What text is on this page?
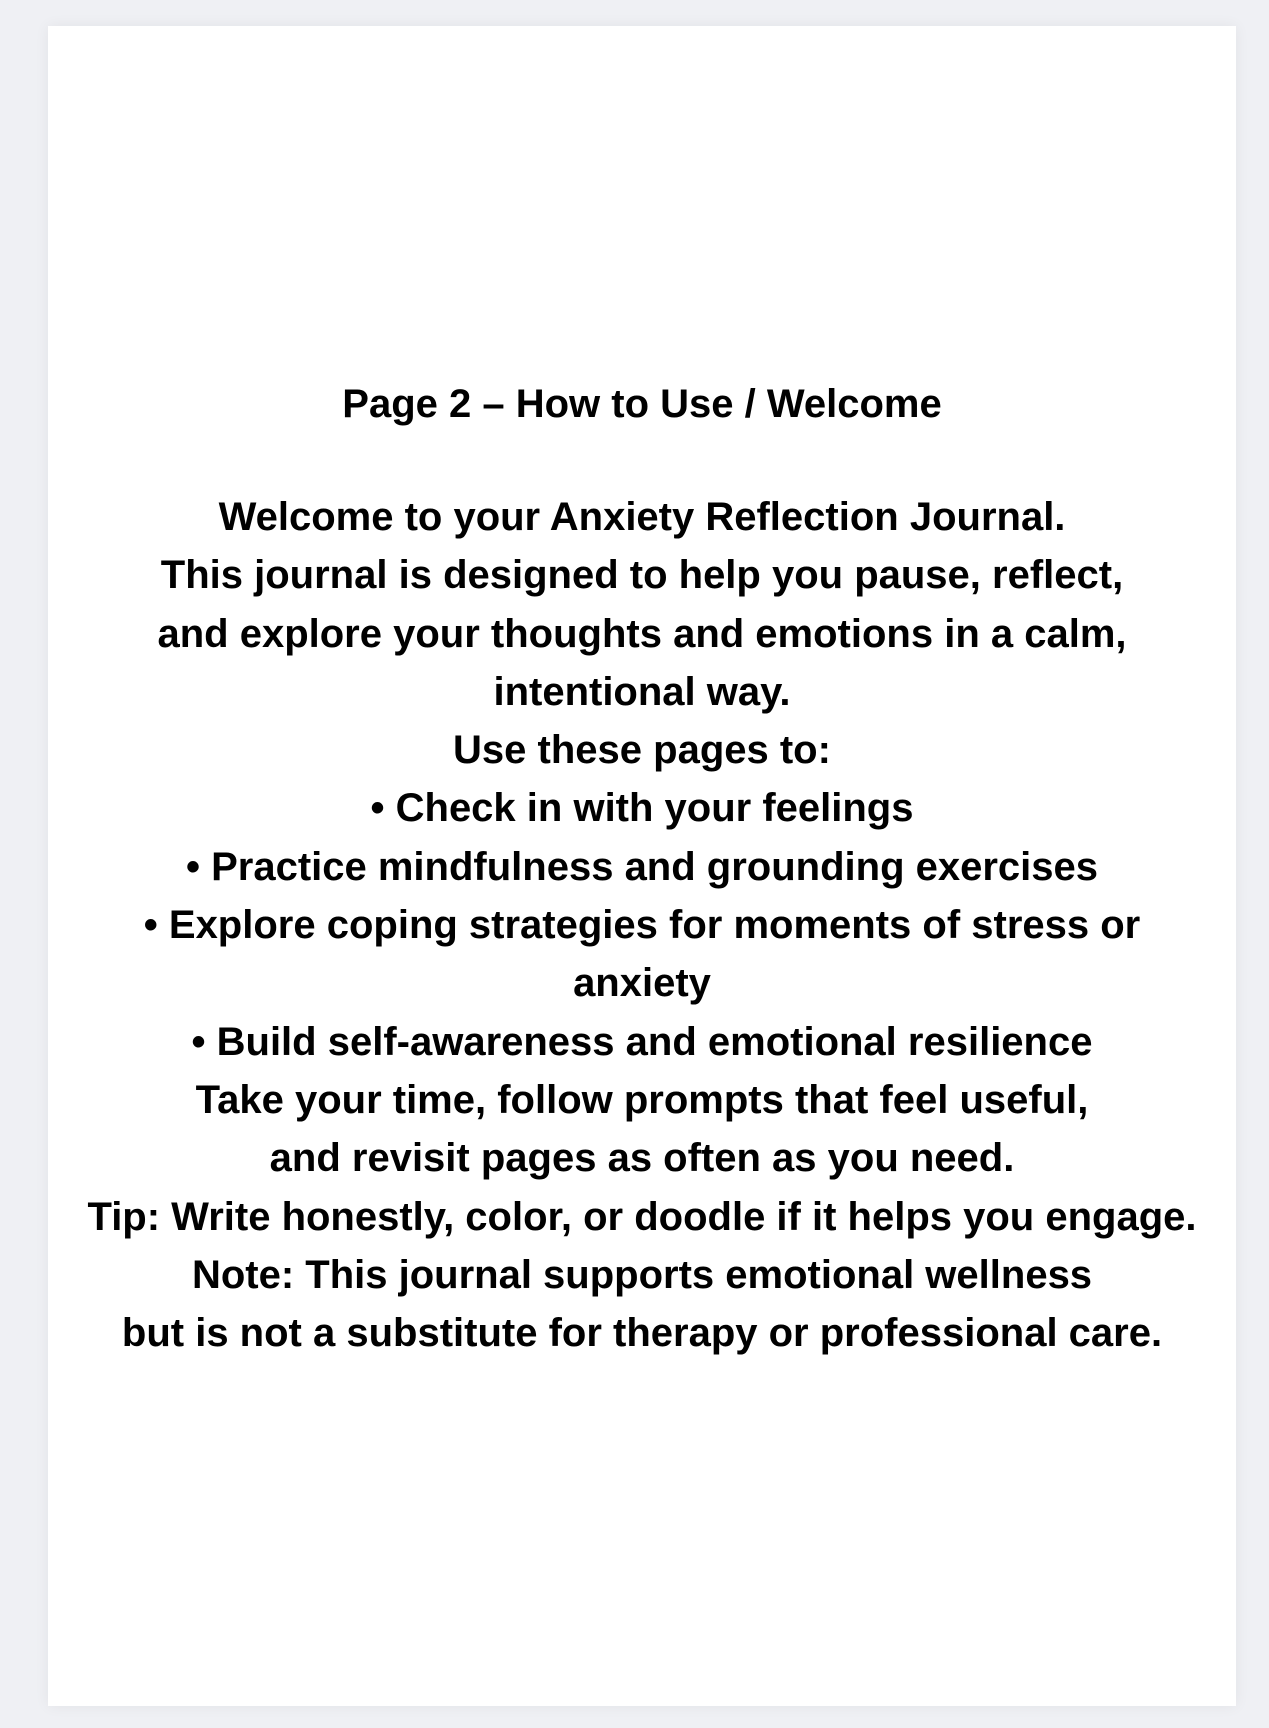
Page 2 – How to Use / Welcome
Welcome to your Anxiety Reflection Journal.
This journal is designed to help you pause, reflect,
and explore your thoughts and emotions in a calm,
intentional way.
Use these pages to:
• Check in with your feelings
• Practice mindfulness and grounding exercises
• Explore coping strategies for moments of stress or
anxiety
• Build self-awareness and emotional resilience
Take your time, follow prompts that feel useful,
and revisit pages as often as you need.
Tip: Write honestly, color, or doodle if it helps you engage.
Note: This journal supports emotional wellness
but is not a substitute for therapy or professional care.
